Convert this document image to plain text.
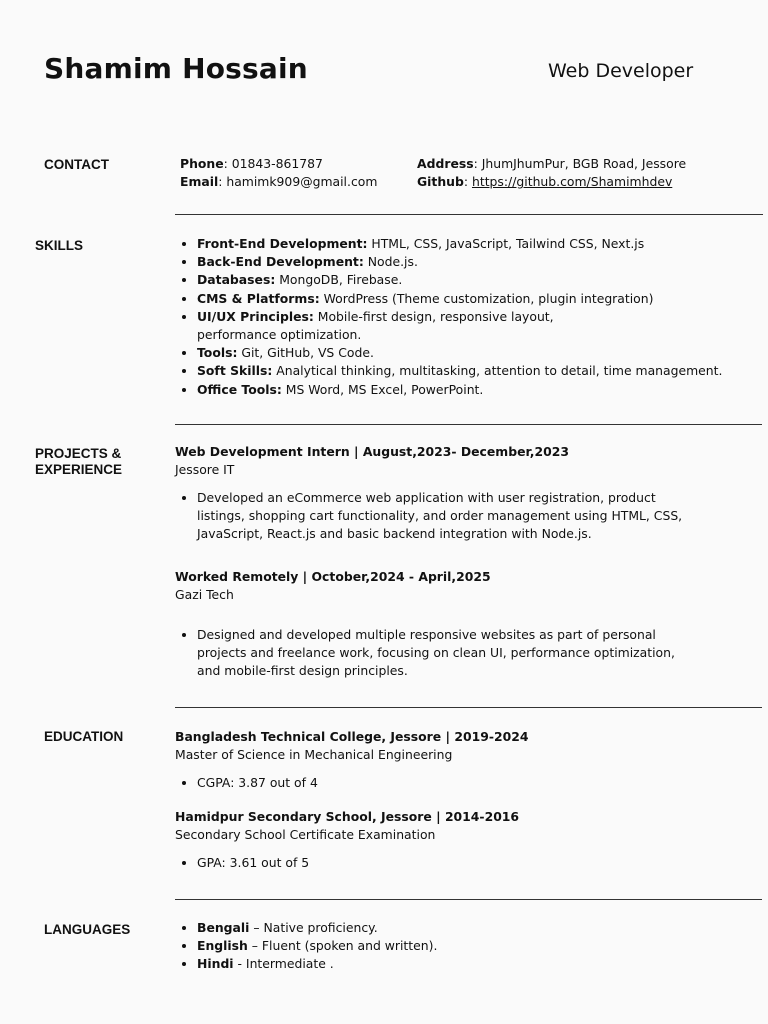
Shamim Hossain	Web Developer
CONTACT	Phone: 01843-861787
Email: hamimk909@gmail.com
Address: JhumJhumPur, BGB Road, Jessore
Github: https://github.com/Shamimhdev
SKILLS	• Front-End Development: HTML, CSS, JavaScript, Tailwind CSS, Next.js
• Back-End Development: Node.js.
• Databases: MongoDB, Firebase.
• CMS & Platforms: WordPress (Theme customization, plugin integration)
• UI/UX Principles: Mobile-first design, responsive layout, performance optimization.
• Tools: Git, GitHub, VS Code.
• Soft Skills: Analytical thinking, multitasking, attention to detail, time management.
• Office Tools: MS Word, MS Excel, PowerPoint.
PROJECTS &
EXPERIENCE
Web Development Intern | August,2023- December,2023
Jessore IT
• Developed an eCommerce web application with user registration, product listings, shopping cart functionality, and order management using HTML, CSS, JavaScript, React.js and basic backend integration with Node.js.
Worked Remotely | October,2024 - April,2025
Gazi Tech
• Designed and developed multiple responsive websites as part of personal projects and freelance work, focusing on clean UI, performance optimization, and mobile-first design principles.
EDUCATION	Bangladesh Technical College, Jessore | 2019-2024
Master of Science in Mechanical Engineering
• CGPA: 3.87 out of 4
Hamidpur Secondary School, Jessore | 2014-2016
Secondary School Certificate Examination
• GPA: 3.61 out of 5
LANGUAGES	• Bengali – Native proficiency.
• English – Fluent (spoken and written).
• Hindi - Intermediate .
